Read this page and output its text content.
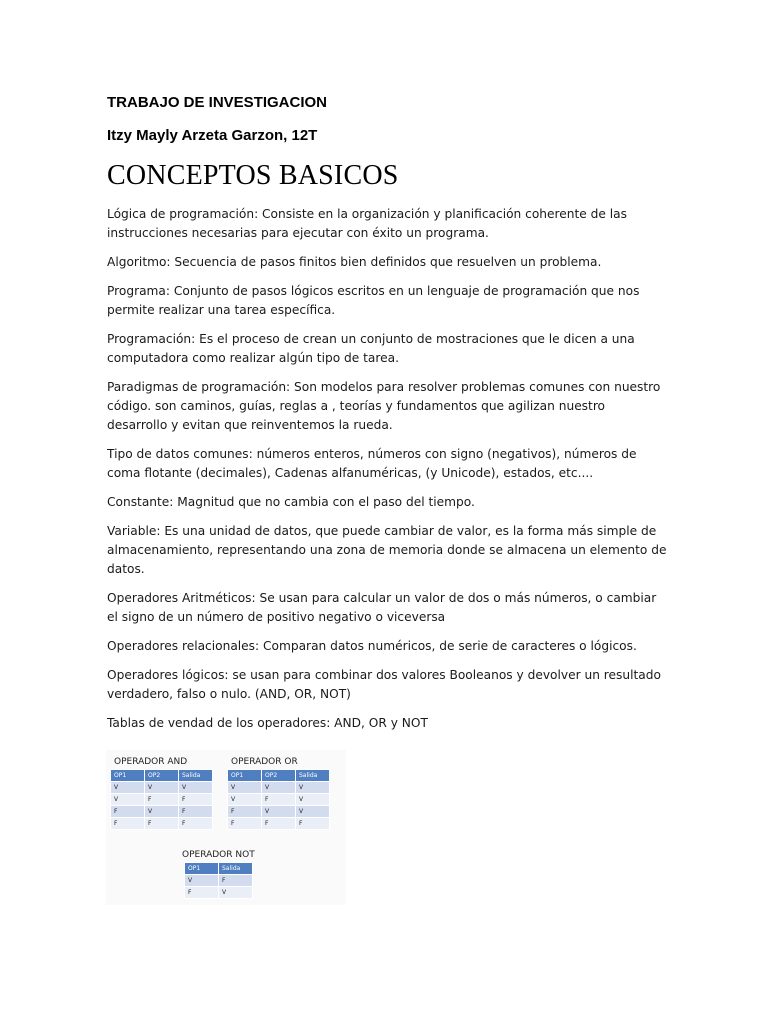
TRABAJO DE INVESTIGACION
Itzy Mayly Arzeta Garzon, 12T
CONCEPTOS BASICOS

Lógica de programación: Consiste en la organización y planificación coherente de las instrucciones necesarias para ejecutar con éxito un programa.

Algoritmo: Secuencia de pasos finitos bien definidos que resuelven un problema.

Programa: Conjunto de pasos lógicos escritos en un lenguaje de programación que nos permite realizar una tarea específica.

Programación: Es el proceso de crean un conjunto de mostraciones que le dicen a una computadora como realizar algún tipo de tarea.

Paradigmas de programación: Son modelos para resolver problemas comunes con nuestro código. son caminos, guías, reglas a , teorías y fundamentos que agilizan nuestro desarrollo y evitan que reinventemos la rueda.

Tipo de datos comunes: números enteros, números con signo (negativos), números de coma flotante (decimales), Cadenas alfanuméricas, (y Unicode), estados, etc....

Constante: Magnitud que no cambia con el paso del tiempo.

Variable: Es una unidad de datos, que puede cambiar de valor, es la forma más simple de almacenamiento, representando una zona de memoria donde se almacena un elemento de datos.

Operadores Aritméticos: Se usan para calcular un valor de dos o más números, o cambiar el signo de un número de positivo negativo o viceversa

Operadores relacionales: Comparan datos numéricos, de serie de caracteres o lógicos.

Operadores lógicos: se usan para combinar dos valores Booleanos y devolver un resultado verdadero, falso o nulo. (AND, OR, NOT)

Tablas de vendad de los operadores: AND, OR y NOT

OPERADOR AND
OP1	OP2	Salida
V	V	V
V	F	F
F	V	F
F	F	F
OPERADOR OR
OP1	OP2	Salida
V	V	V
V	F	V
F	V	V
F	F	F
OPERADOR NOT
OP1	Salida
V	F
F	V
